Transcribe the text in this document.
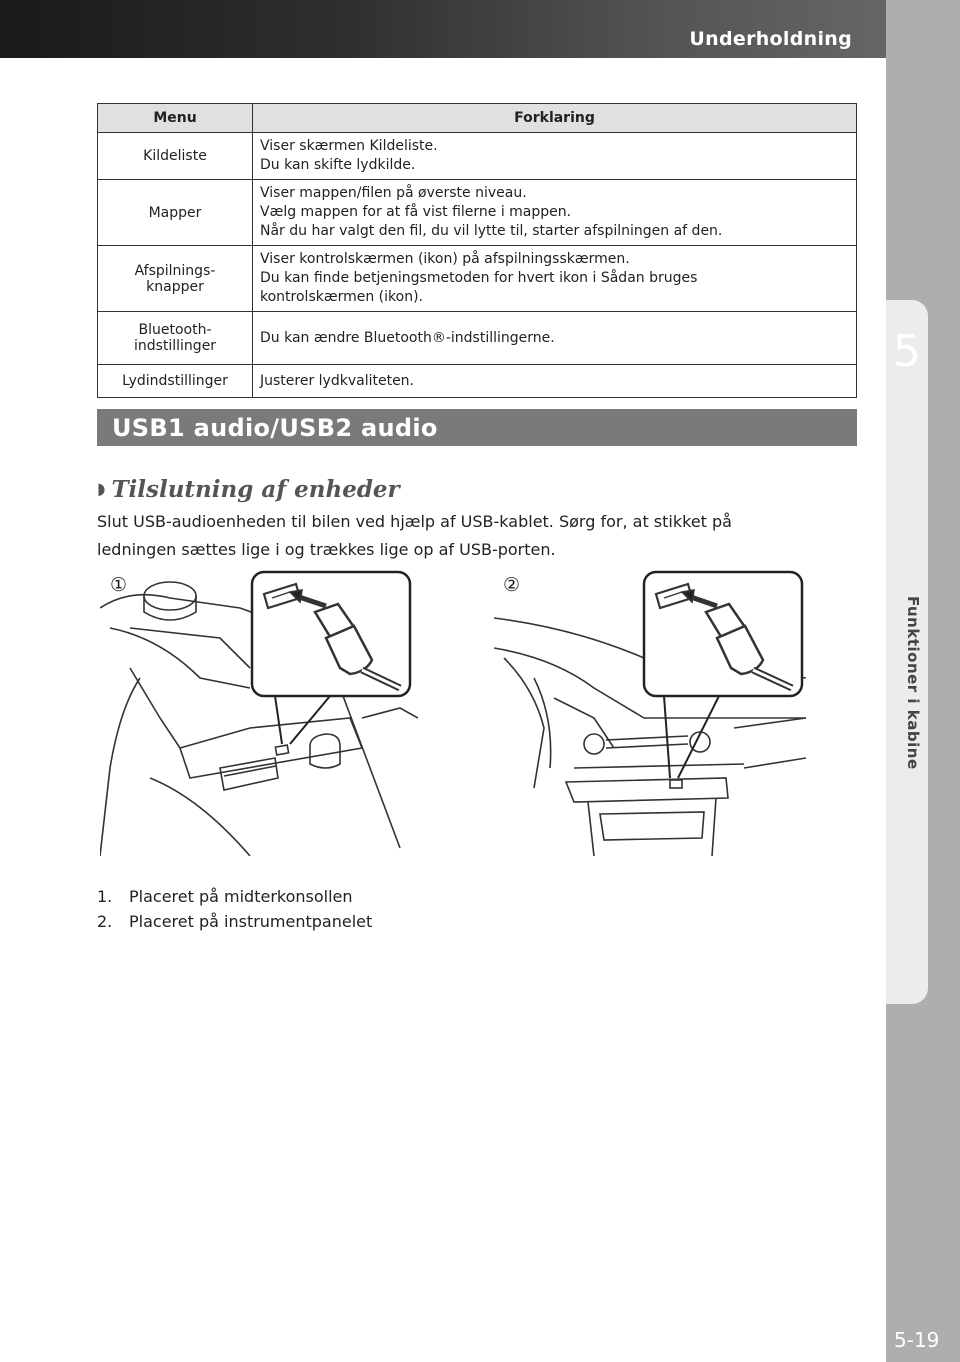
Underholdning
5
Funktioner i kabine
5-19
Menu	Forklaring

Kildeliste	Viser skærmen Kildeliste.
Du kan skifte lydkilde.

Mapper	Viser mappen/filen på øverste niveau.
Vælg mappen for at få vist filerne i mappen.
Når du har valgt den fil, du vil lytte til, starter afspilningen af den.

Afspilnings-
knapper	Viser kontrolskærmen (ikon) på afspilningsskærmen.
Du kan finde betjeningsmetoden for hvert ikon i Sådan bruges
kontrolskærmen (ikon).

Bluetooth-
indstillinger	Du kan ændre Bluetooth®-indstillingerne.

Lydindstillinger	Justerer lydkvaliteten.
USB1 audio/USB2 audio
◗ Tilslutning af enheder
Slut USB-audioenheden til bilen ved hjælp af USB-kablet. Sørg for, at stikket på
ledningen sættes lige i og trækkes lige op af USB-porten.
①	②
1. Placeret på midterkonsollen
2. Placeret på instrumentpanelet
